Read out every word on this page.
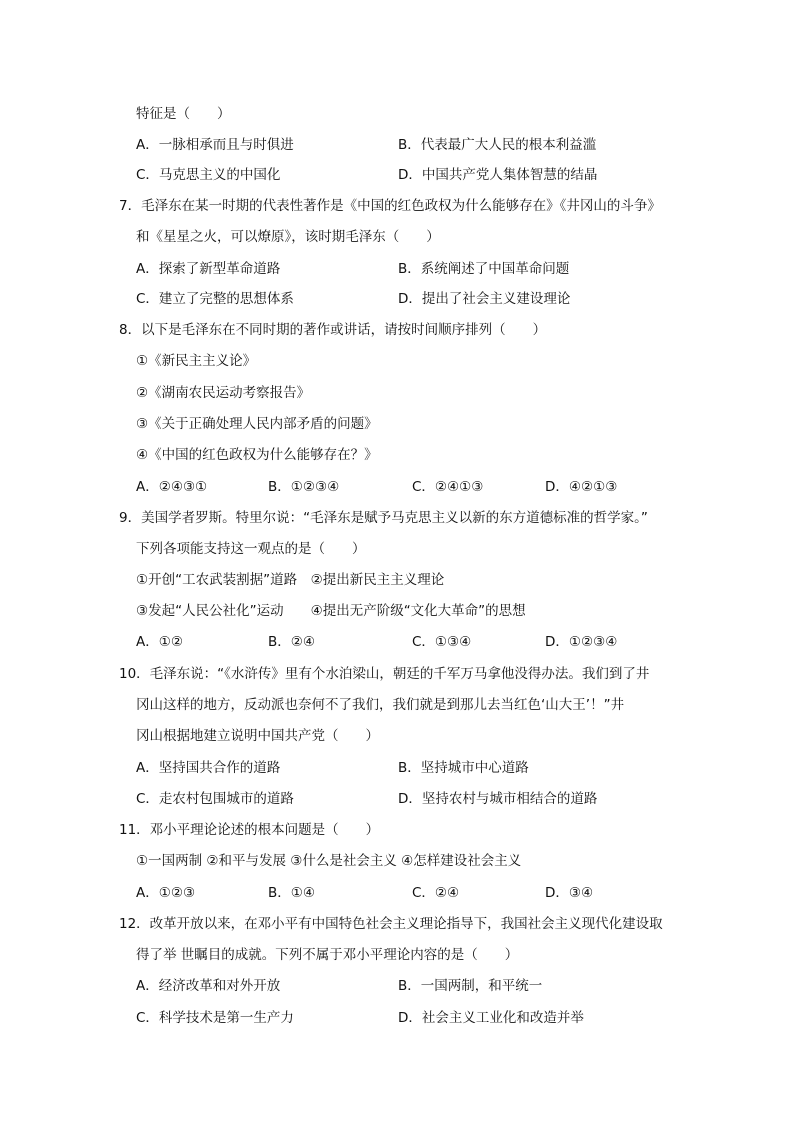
特征是（　　）
A．一脉相承而且与时俱进	B．代表最广大人民的根本利益滥
C．马克思主义的中国化	D．中国共产党人集体智慧的结晶
7．毛泽东在某一时期的代表性著作是《中国的红色政权为什么能够存在》《井冈山的斗争》
和《星星之火，可以燎原》，该时期毛泽东（　　）
A．探索了新型革命道路	B．系统阐述了中国革命问题
C．建立了完整的思想体系	D．提出了社会主义建设理论
8．以下是毛泽东在不同时期的著作或讲话，请按时间顺序排列（　　）
①《新民主主义论》
②《湖南农民运动考察报告》
③《关于正确处理人民内部矛盾的问题》
④《中国的红色政权为什么能够存在？》
A．②④③①	B．①②③④	C．②④①③	D．④②①③
9．美国学者罗斯。特里尔说：“毛泽东是赋予马克思主义以新的东方道德标准的哲学家。”
下列各项能支持这一观点的是（　　）
①开创“工农武装割据”道路　②提出新民主主义理论
③发起“人民公社化”运动　　④提出无产阶级“文化大革命”的思想
A．①②	B．②④	C．①③④	D．①②③④
10．毛泽东说：“《水浒传》里有个水泊梁山，朝廷的千军万马拿他没得办法。我们到了井
冈山这样的地方，反动派也奈何不了我们，我们就是到那儿去当红色‘山大王’！”井
冈山根据地建立说明中国共产党（　　）
A．坚持国共合作的道路	B．坚持城市中心道路
C．走农村包围城市的道路	D．坚持农村与城市相结合的道路
11．邓小平理论论述的根本问题是（　　）
①一国两制 ②和平与发展 ③什么是社会主义 ④怎样建设社会主义
A．①②③	B．①④	C．②④	D．③④
12．改革开放以来，在邓小平有中国特色社会主义理论指导下，我国社会主义现代化建设取
得了举 世瞩目的成就。下列不属于邓小平理论内容的是（　　）
A．经济改革和对外开放	B．一国两制，和平统一
C．科学技术是第一生产力	D．社会主义工业化和改造并举
